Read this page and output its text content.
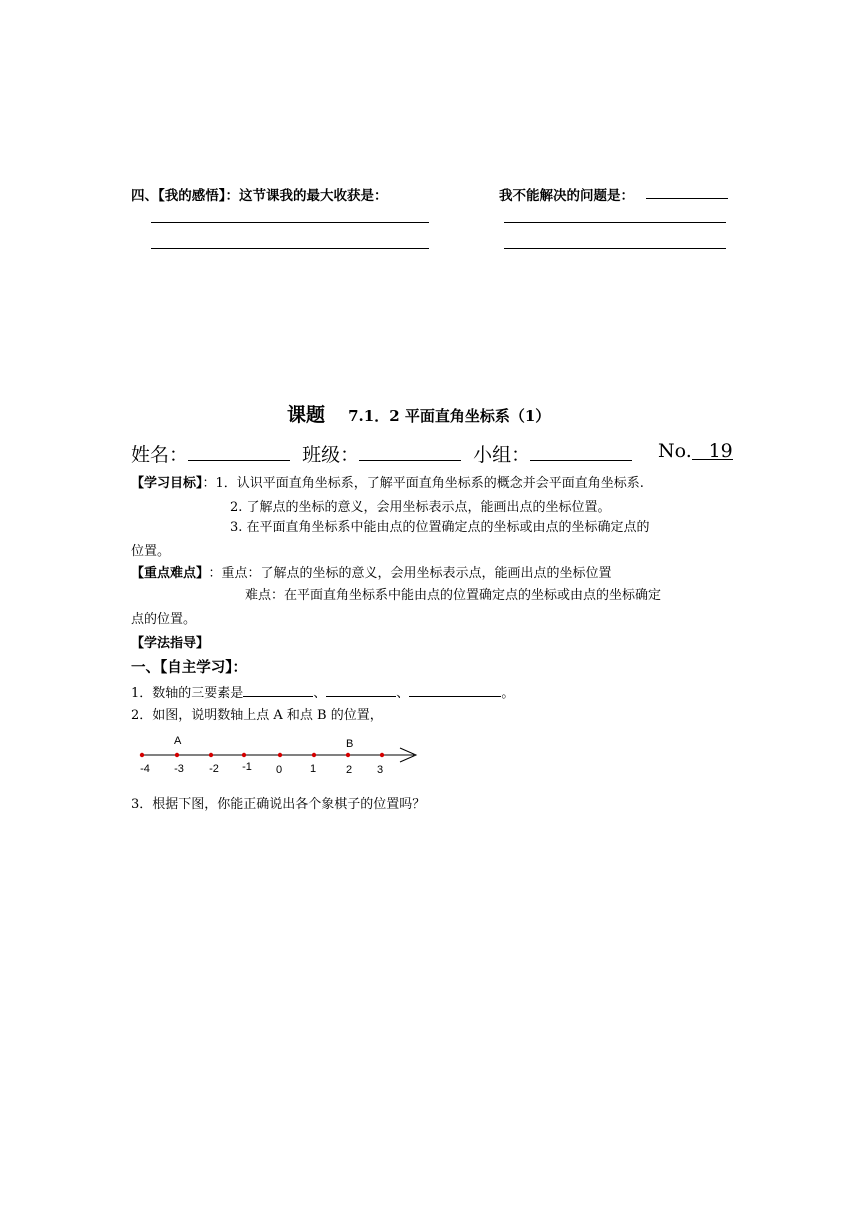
四、【我的感悟】：这节课我的最大收获是：	我不能解决的问题是：
课题 7.1．2 平面直角坐标系（1）
姓名：	班级：	小组：	No. 19
【学习目标】：1．认识平面直角坐标系，了解平面直角坐标系的概念并会平面直角坐标系.
2. 了解点的坐标的意义，会用坐标表示点，能画出点的坐标位置。
3. 在平面直角坐标系中能由点的位置确定点的坐标或由点的坐标确定点的
位置。
【重点难点】 ：重点：了解点的坐标的意义，会用坐标表示点，能画出点的坐标位置
难点：在平面直角坐标系中能由点的位置确定点的坐标或由点的坐标确定
点的位置。
【学法指导】
一、【自主学习】：
1．数轴的三要素是	、	、	。
2．如图，说明数轴上点 A 和点 B 的位置，
-4 -3 -2 -1 0	1	2 3
A	B
3．根据下图，你能正确说出各个象棋子的位置吗？
